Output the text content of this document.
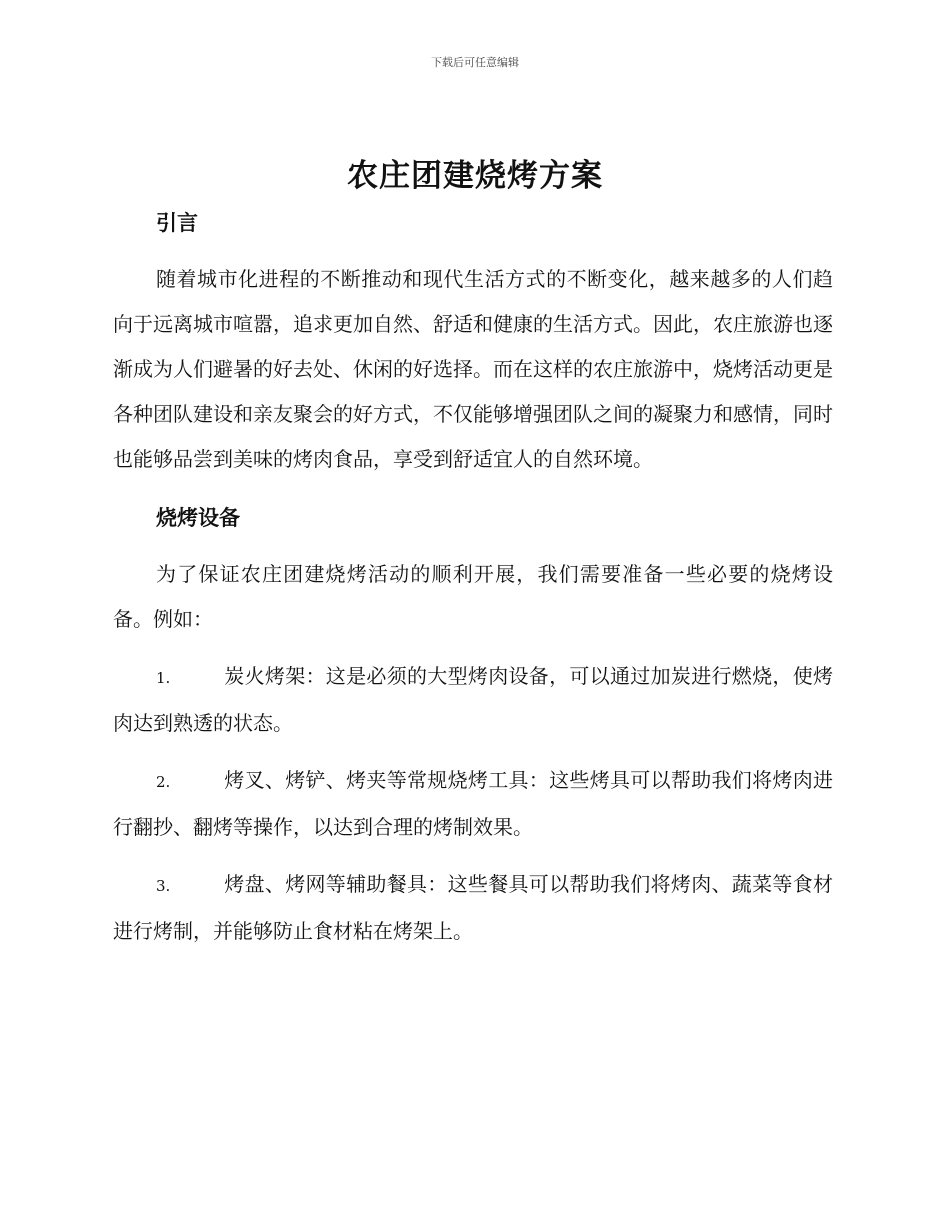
下载后可任意编辑
农庄团建烧烤方案
引言

随着城市化进程的不断推动和现代生活方式的不断变化，越来越多的人们趋向于远离城市喧嚣，追求更加自然、舒适和健康的生活方式。因此，农庄旅游也逐渐成为人们避暑的好去处、休闲的好选择。而在这样的农庄旅游中，烧烤活动更是各种团队建设和亲友聚会的好方式，不仅能够增强团队之间的凝聚力和感情，同时也能够品尝到美味的烤肉食品，享受到舒适宜人的自然环境。

烧烤设备

为了保证农庄团建烧烤活动的顺利开展，我们需要准备一些必要的烧烤设备。例如：

1.	炭火烤架：这是必须的大型烤肉设备，可以通过加炭进行燃烧，使烤肉达到熟透的状态。

2.	烤叉、烤铲、烤夹等常规烧烤工具：这些烤具可以帮助我们将烤肉进行翻抄、翻烤等操作，以达到合理的烤制效果。

3.	烤盘、烤网等辅助餐具：这些餐具可以帮助我们将烤肉、蔬菜等食材进行烤制，并能够防止食材粘在烤架上。
